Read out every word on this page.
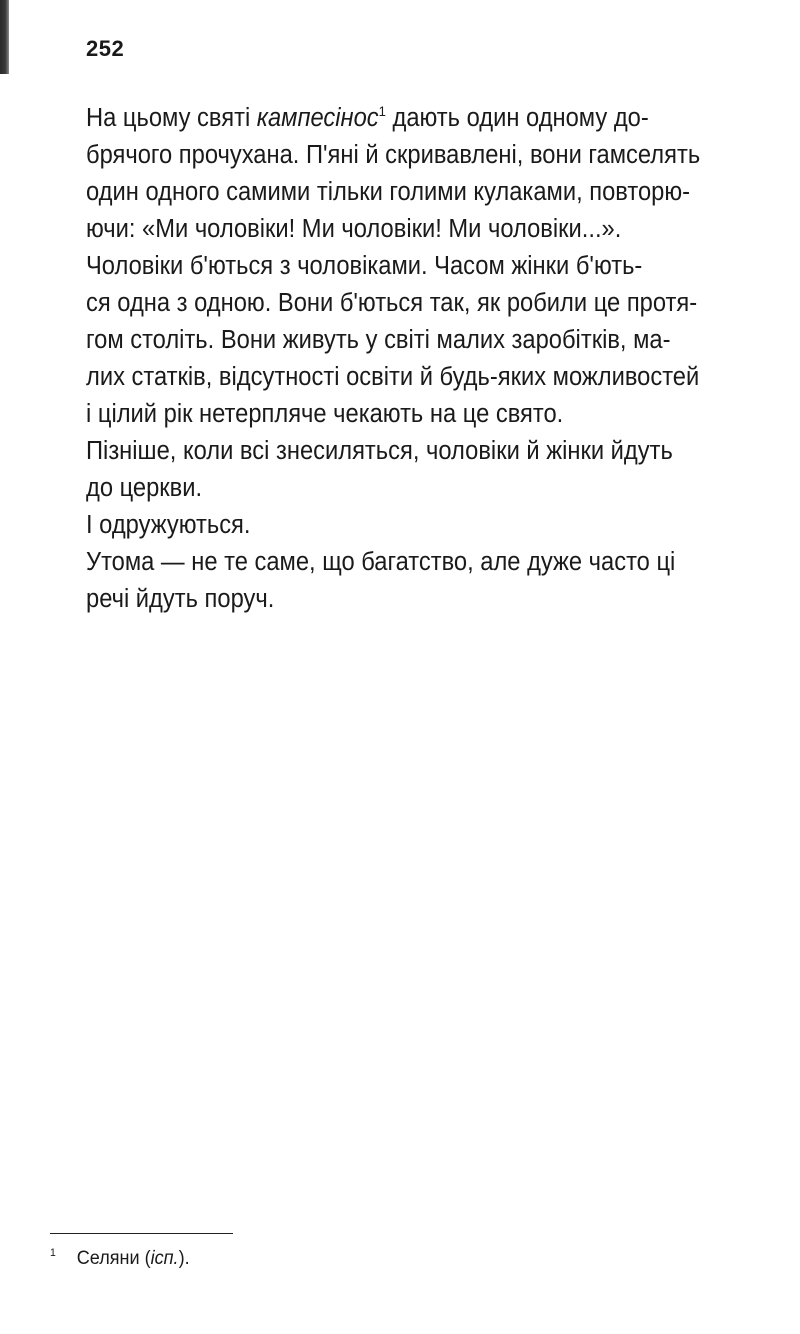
252
На цьому святі кампесінос$^1$ дають один одному до-
брячого прочухана. П'яні й скривавлені, вони гамселять
один одного самими тільки голими кулаками, повторю-
ючи: «Ми чоловіки! Ми чоловіки! Ми чоловіки...».
Чоловіки б'ються з чоловіками. Часом жінки б'ють-
ся одна з одною. Вони б'ються так, як робили це протя-
гом століть. Вони живуть у світі малих заробітків, ма-
лих статків, відсутності освіти й будь-яких можливостей
і цілий рік нетерпляче чекають на це свято.
Пізніше, коли всі знесиляться, чоловіки й жінки йдуть
до церкви.
І одружуються.
Утома — не те саме, що багатство, але дуже часто ці
речі йдуть поруч.
$^1$ Селяни (ісп.).
